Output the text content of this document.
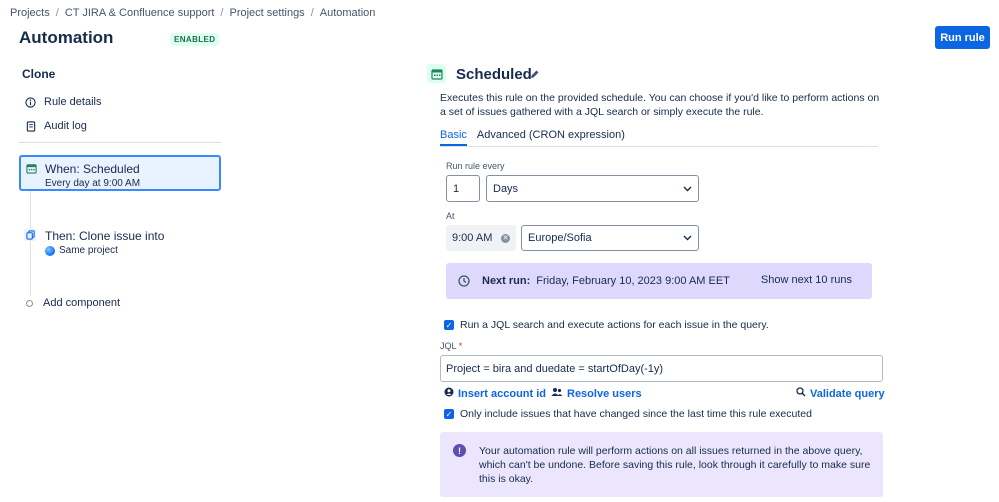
Projects / CT JIRA & Confluence support / Project settings / Automation
Automation	ENABLED	Run rule
Clone
Rule details
Audit log
When: Scheduled
Every day at 9:00 AM
Then: Clone issue into
Same project
Add component
Scheduled
Executes this rule on the provided schedule. You can choose if you'd like to perform actions on a set of issues gathered with a JQL search or simply execute the rule.
Basic Advanced (CRON expression)
Run rule every
1	Days
At
9:00 AM ✕ Europe/Sofia
Next run: Friday, February 10, 2023 9:00 AM EET	Show next 10 runs
✓ Run a JQL search and execute actions for each issue in the query.
JQL *
Project = bira and duedate = startOfDay(-1y)
Insert account id Resolve users	Validate query
✓ Only include issues that have changed since the last time this rule executed
!	Your automation rule will perform actions on all issues returned in the above query, which can't be undone. Before saving this rule, look through it carefully to make sure this is okay.
